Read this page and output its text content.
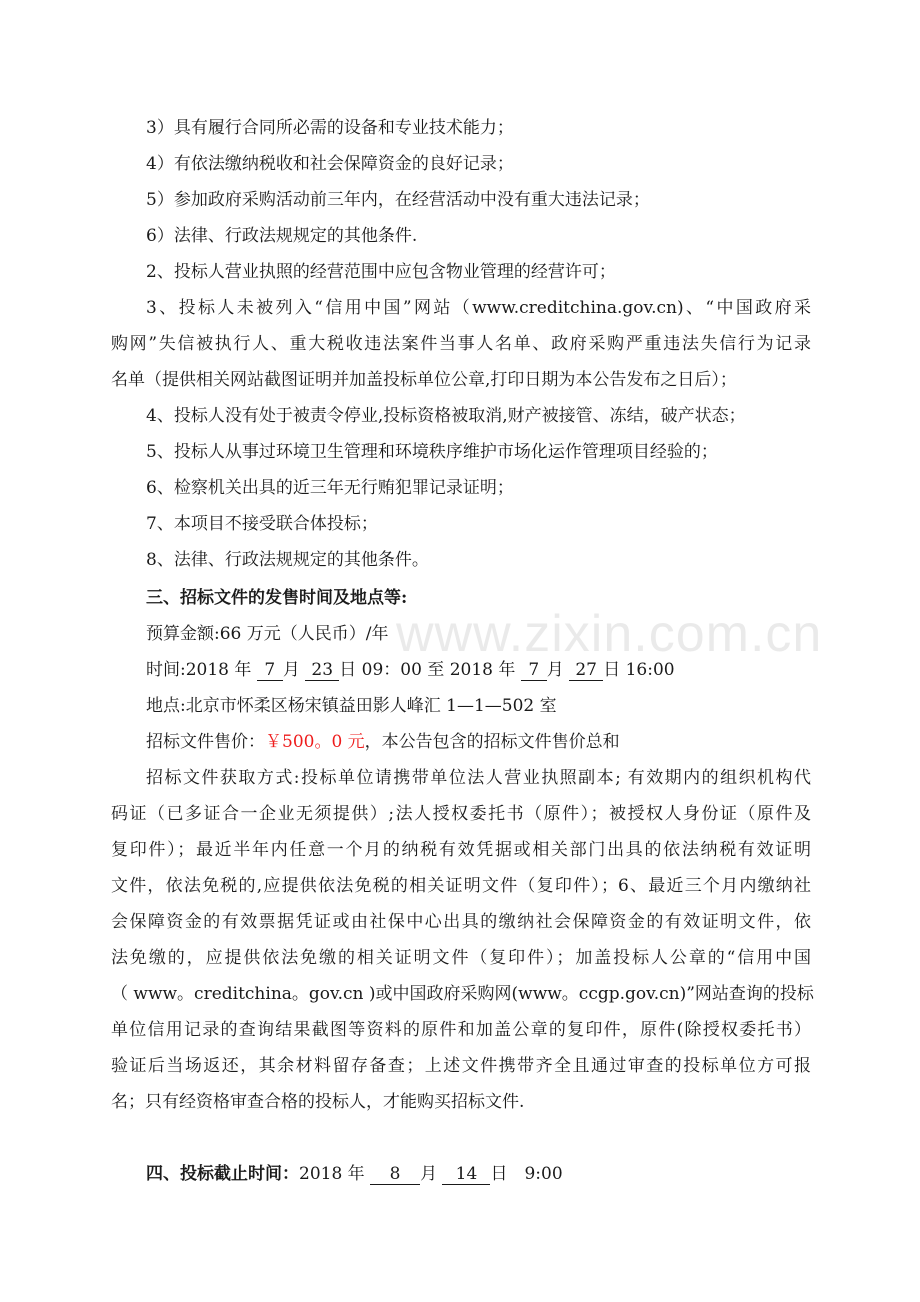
3）具有履行合同所必需的设备和专业技术能力；
4）有依法缴纳税收和社会保障资金的良好记录；
5）参加政府采购活动前三年内，在经营活动中没有重大违法记录；
6）法律、行政法规规定的其他条件.
2、投标人营业执照的经营范围中应包含物业管理的经营许可；
3、投标人未被列入“信用中国”网站（www.creditchina.gov.cn)、“中国政府采
购网”失信被执行人、重大税收违法案件当事人名单、政府采购严重违法失信行为记录
名单（提供相关网站截图证明并加盖投标单位公章,打印日期为本公告发布之日后）；
4、投标人没有处于被责令停业,投标资格被取消,财产被接管、冻结，破产状态；
5、投标人从事过环境卫生管理和环境秩序维护市场化运作管理项目经验的；
6、检察机关出具的近三年无行贿犯罪记录证明；
7、本项目不接受联合体投标；
8、法律、行政法规规定的其他条件。
三、招标文件的发售时间及地点等:
预算金额:66 万元（人民币）/年
时间:2018 年 7 月 23 日 09：00 至 2018 年 7 月 27 日 16:00
地点:北京市怀柔区杨宋镇益田影人峰汇 1—1—502 室
招标文件售价：￥500。0 元，本公告包含的招标文件售价总和
招标文件获取方式:投标单位请携带单位法人营业执照副本; 有效期内的组织机构代
码证（已多证合一企业无须提供）;法人授权委托书（原件）；被授权人身份证（原件及
复印件）；最近半年内任意一个月的纳税有效凭据或相关部门出具的依法纳税有效证明
文件，依法免税的,应提供依法免税的相关证明文件（复印件）；6、最近三个月内缴纳社
会保障资金的有效票据凭证或由社保中心出具的缴纳社会保障资金的有效证明文件，依
法免缴的，应提供依法免缴的相关证明文件（复印件）；加盖投标人公章的“信用中国
（ www。creditchina。gov.cn )或中国政府采购网(www。ccgp.gov.cn)”网站查询的投标
单位信用记录的查询结果截图等资料的原件和加盖公章的复印件，原件(除授权委托书）
验证后当场返还，其余材料留存备查；上述文件携带齐全且通过审查的投标单位方可报
名；只有经资格审查合格的投标人，才能购买招标文件.
四、投标截止时间：2018 年 8 月 14 日　9:00
www.zixin.com.cn
